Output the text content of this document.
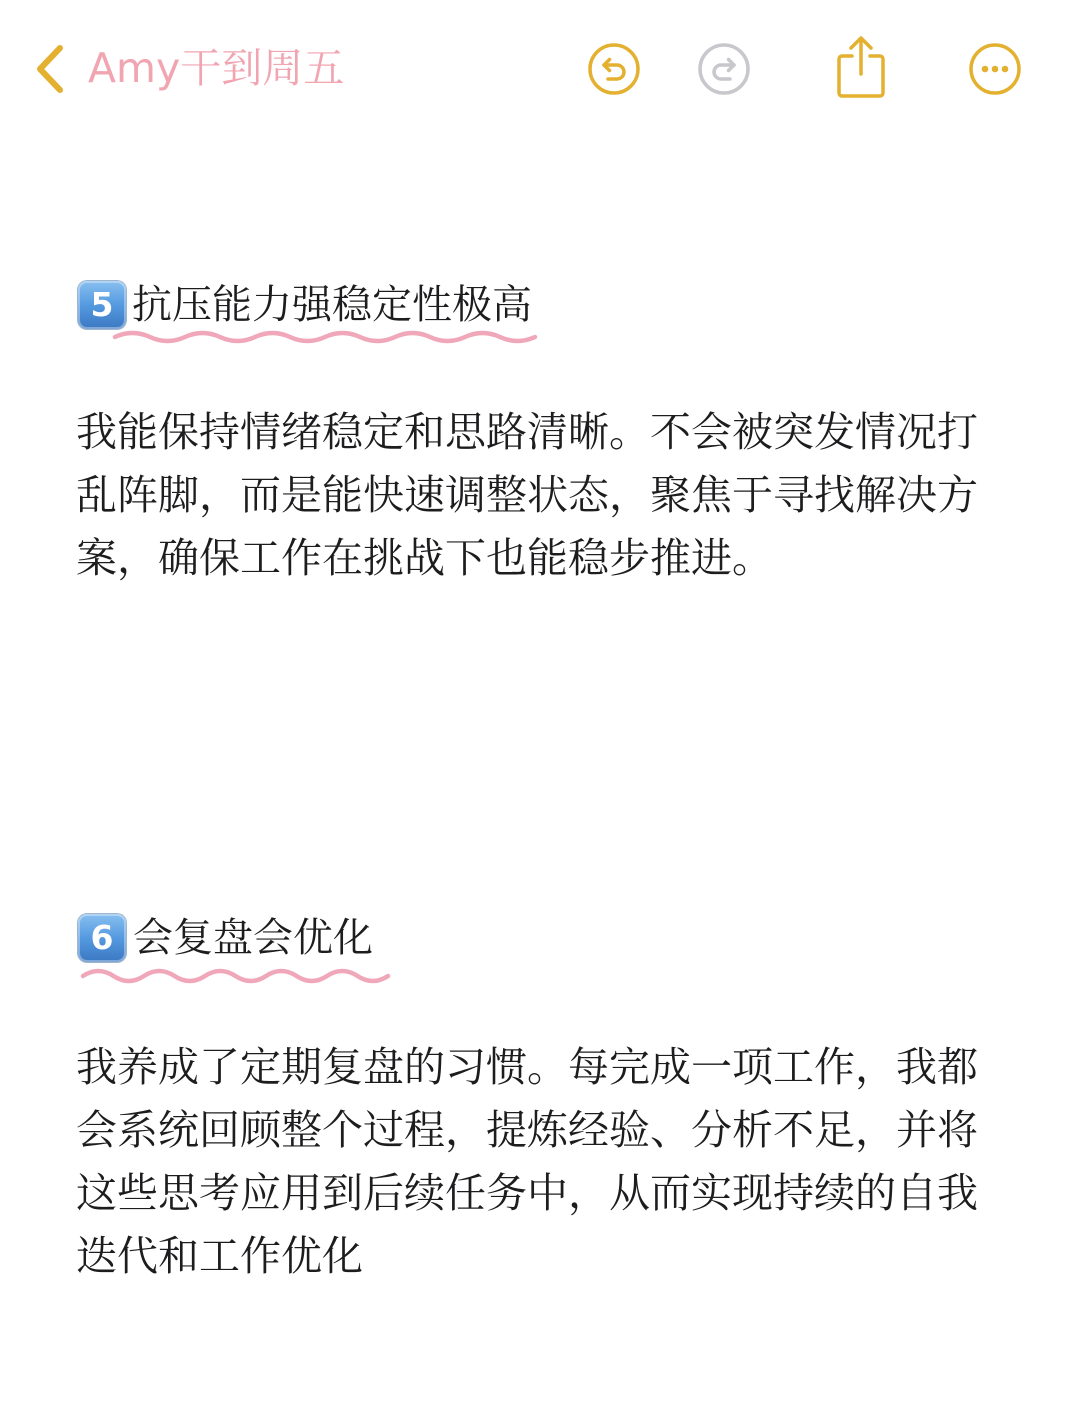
Amy干到周五
5 抗压能力强稳定性极高
我能保持情绪稳定和思路清晰。不会被突发情况打
乱阵脚，而是能快速调整状态，聚焦于寻找解决方
案，确保工作在挑战下也能稳步推进。
6 会复盘会优化
我养成了定期复盘的习惯。每完成一项工作，我都
会系统回顾整个过程，提炼经验、分析不足，并将
这些思考应用到后续任务中，从而实现持续的自我
迭代和工作优化
